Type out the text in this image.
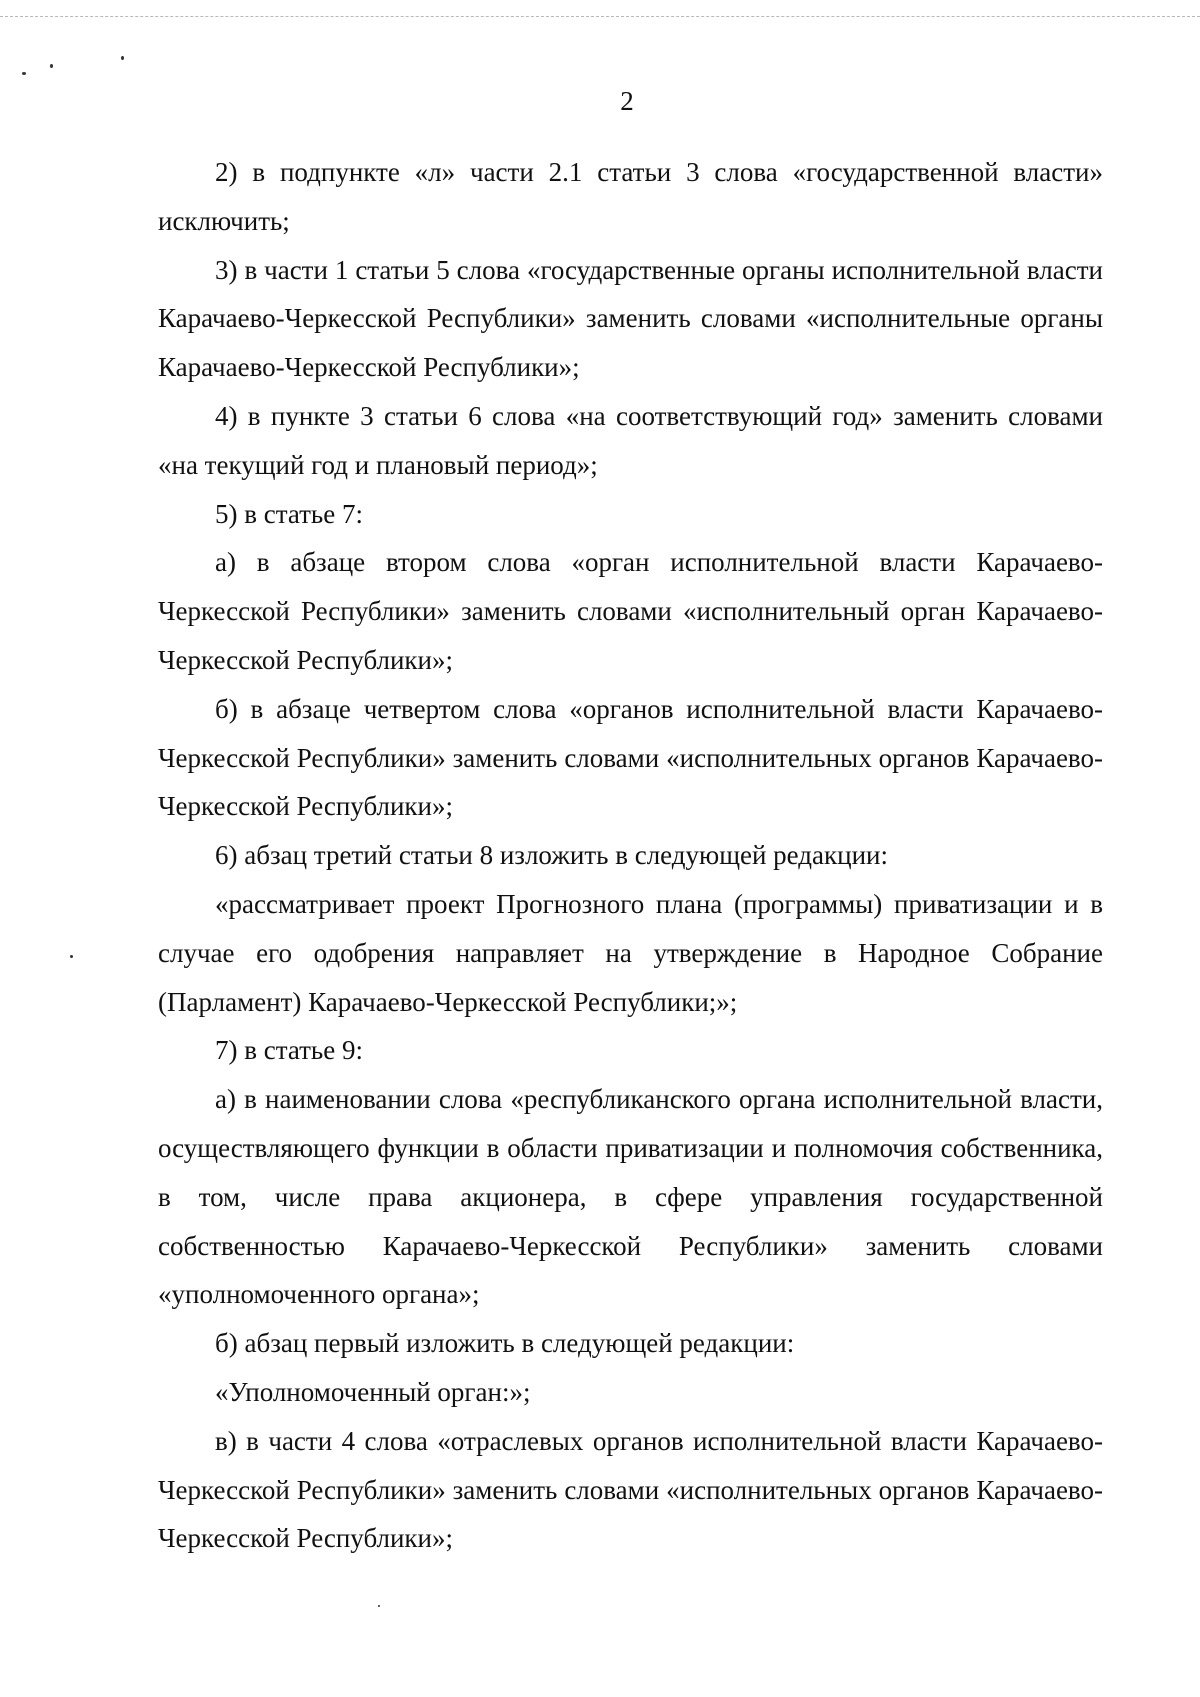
2

2) в подпункте «л» части 2.1 статьи 3 слова «государственной власти» исключить;

3) в части 1 статьи 5 слова «государственные органы исполнительной власти Карачаево-Черкесской Республики» заменить словами «исполнительные органы Карачаево-Черкесской Республики»;

4) в пункте 3 статьи 6 слова «на соответствующий год» заменить словами «на текущий год и плановый период»;

5) в статье 7:

а) в абзаце втором слова «орган исполнительной власти Карачаево-Черкесской Республики» заменить словами «исполнительный орган Карачаево-Черкесской Республики»;

б) в абзаце четвертом слова «органов исполнительной власти Карачаево-Черкесской Республики» заменить словами «исполнительных органов Карачаево-Черкесской Республики»;

6) абзац третий статьи 8 изложить в следующей редакции:

«рассматривает проект Прогнозного плана (программы) приватизации и в случае его одобрения направляет на утверждение в Народное Собрание (Парламент) Карачаево-Черкесской Республики;»;

7) в статье 9:

а) в наименовании слова «республиканского органа исполнительной власти, осуществляющего функции в области приватизации и полномочия собственника, в том, числе права акционера, в сфере управления государственной собственностью Карачаево-Черкесской Республики» заменить словами «уполномоченного органа»;

б) абзац первый изложить в следующей редакции:

«Уполномоченный орган:»;

в) в части 4 слова «отраслевых органов исполнительной власти Карачаево-Черкесской Республики» заменить словами «исполнительных органов Карачаево-Черкесской Республики»;
